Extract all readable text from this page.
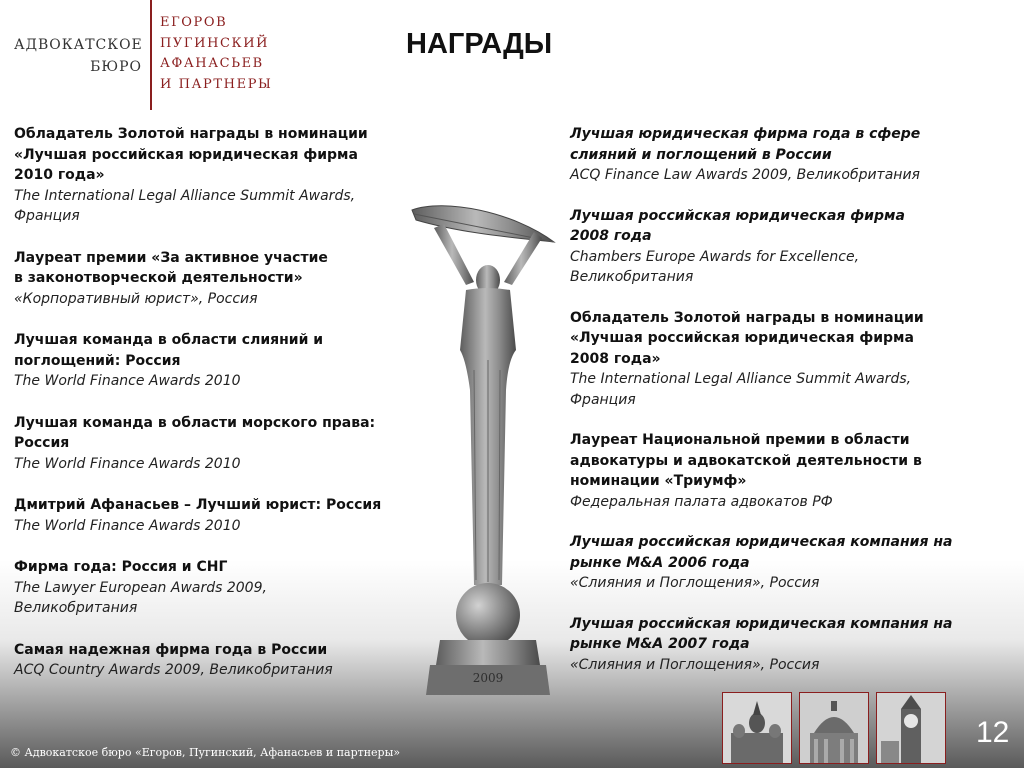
АДВОКАТСКОЕ
БЮРО
ЕГОРОВ
ПУГИНСКИЙ
АФАНАСЬЕВ
И ПАРТНЕРЫ
НАГРАДЫ

Обладатель Золотой награды в номинации
«Лучшая российская юридическая фирма
2010 года»

The International Legal Alliance Summit Awards,
Франция

Лауреат премии «За активное участие
в законотворческой деятельности»

«Корпоративный юрист», Россия

Лучшая команда в области слияний и
поглощений: Россия

The World Finance Awards 2010

Лучшая команда в области морского права:
Россия

The World Finance Awards 2010

Дмитрий Афанасьев – Лучший юрист: Россия

The World Finance Awards 2010

Фирма года: Россия и СНГ

The Lawyer European Awards 2009,
Великобритания

Самая надежная фирма года в России

ACQ Country Awards 2009, Великобритания	2009

Лучшая юридическая фирма года в сфере
слияний и поглощений в России

ACQ Finance Law Awards 2009, Великобритания

Лучшая российская юридическая фирма
2008 года

Chambers Europe Awards for Excellence,
Великобритания

Обладатель Золотой награды в номинации
«Лучшая российская юридическая фирма
2008 года»

The International Legal Alliance Summit Awards,
Франция

Лауреат Национальной премии в области
адвокатуры и адвокатской деятельности в
номинации «Триумф»

Федеральная палата адвокатов РФ

Лучшая российская юридическая компания на
рынке M&A 2006 года

«Слияния и Поглощения», Россия

Лучшая российская юридическая компания на
рынке M&A 2007 года

«Слияния и Поглощения», Россия

12
© Адвокатское бюро «Егоров, Пугинский, Афанасьев и партнеры»
